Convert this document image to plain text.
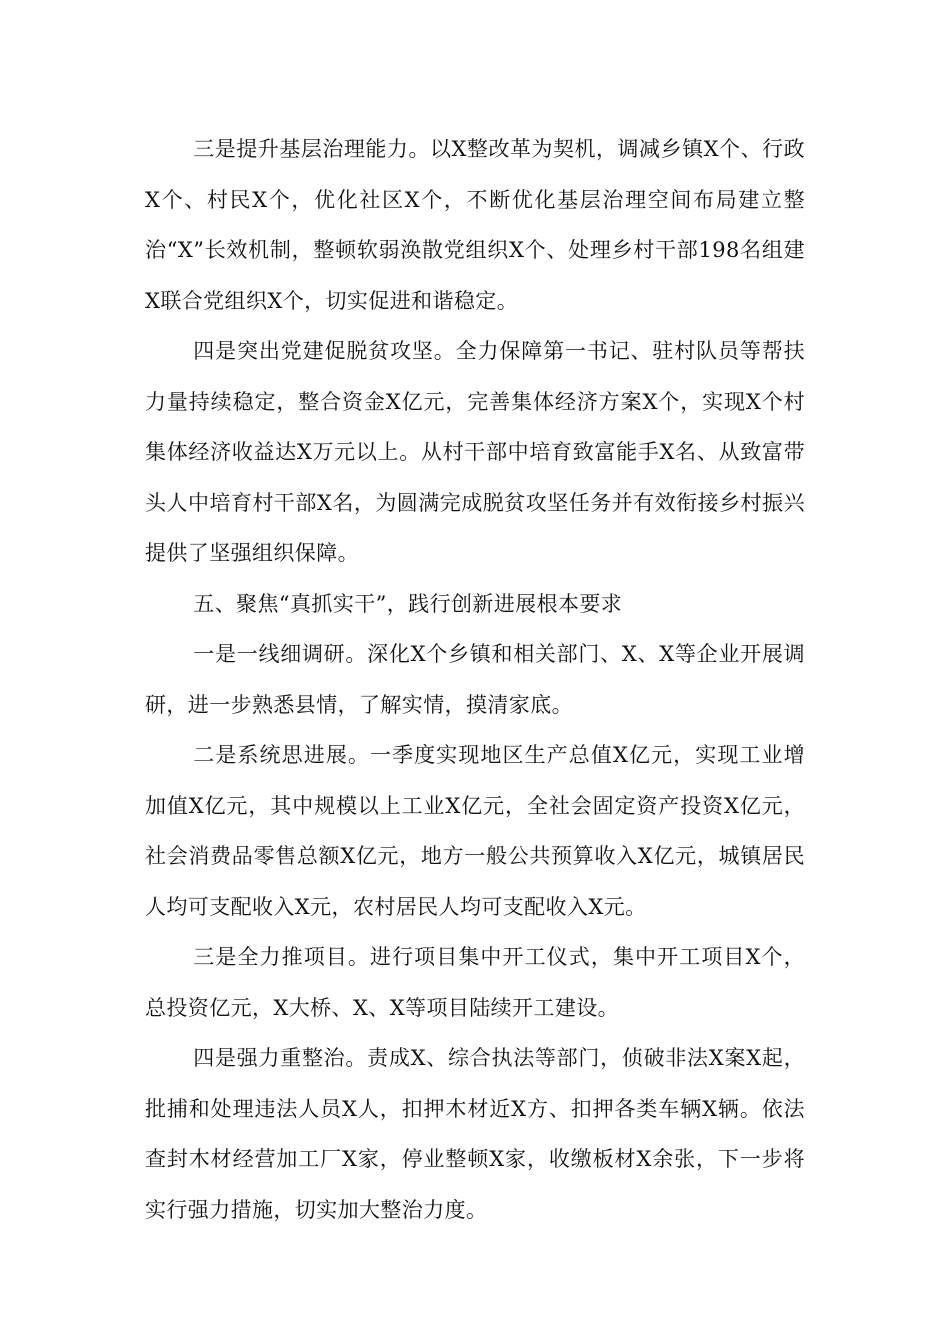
三是提升基层治理能力。以X整改革为契机，调减乡镇X个、行政X个、村民X个，优化社区X个，不断优化基层治理空间布局建立整治“X”长效机制，整顿软弱涣散党组织X个、处理乡村干部198名组建X联合党组织X个，切实促进和谐稳定。

四是突出党建促脱贫攻坚。全力保障第一书记、驻村队员等帮扶力量持续稳定，整合资金X亿元，完善集体经济方案X个，实现X个村集体经济收益达X万元以上。从村干部中培育致富能手X名、从致富带头人中培育村干部X名，为圆满完成脱贫攻坚任务并有效衔接乡村振兴提供了坚强组织保障。

五、聚焦“真抓实干”，践行创新进展根本要求

一是一线细调研。深化X个乡镇和相关部门、X、X等企业开展调研，进一步熟悉县情，了解实情，摸清家底。

二是系统思进展。一季度实现地区生产总值X亿元，实现工业增加值X亿元，其中规模以上工业X亿元，全社会固定资产投资X亿元，社会消费品零售总额X亿元，地方一般公共预算收入X亿元，城镇居民人均可支配收入X元，农村居民人均可支配收入X元。

三是全力推项目。进行项目集中开工仪式，集中开工项目X个，总投资亿元，X大桥、X、X等项目陆续开工建设。

四是强力重整治。责成X、综合执法等部门，侦破非法X案X起，批捕和处理违法人员X人，扣押木材近X方、扣押各类车辆X辆。依法查封木材经营加工厂X家，停业整顿X家，收缴板材X余张，下一步将实行强力措施，切实加大整治力度。
